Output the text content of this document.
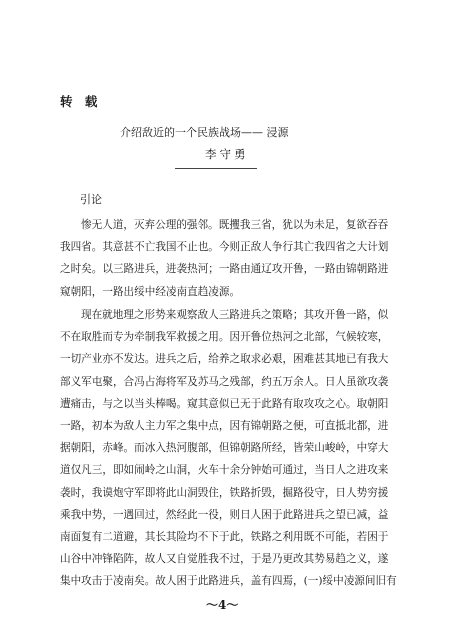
转 载
介绍敌近的一个民族战场—— 浸源
李守勇
引论
惨无人道，灭弃公理的强邻。既攫我三省，犹以为未足，复欲吞吞
我四省。其意甚不亡我国不止也。今则正敌人争行其亡我四省之大计划
之时矣。以三路进兵，进袭热河；一路由通辽攻开鲁，一路由锦朝路进
窥朝阳，一路出绥中经凌南直趋凌源。
现在就地理之形势来观察敌人三路进兵之策略；其攻开鲁一路，似
不在取胜而专为牵制我军救援之用。因开鲁位热河之北部，气候较寒，
一切产业亦不发达。进兵之后，给养之取求必艰，困难甚其地已有我大
部义军屯聚，合冯占海将军及苏马之残部，约五万余人。日人虽欲攻袭
遭痛击，与之以当头棒喝。窥其意似已无于此路有取攻攻之心。取朝阳
一路，初本为敌人主力军之集中点，因有锦朝路之便，可直抵北都，进
据朝阳，赤峰。而冰入热河腹部，但锦朝路所经，皆荣山峻岭，中穿大
道仅凡三，即如闹岭之山洞，火车十余分钟始可通过，当日人之进攻来
袭时，我谟炮守军即将此山洞毁住，铁路折毁，掘路役守，日人势穷援
乘我中势，一遇回过，然经此一役，则日人困于此路进兵之望已减，益
南面复有二道避，其长其险均不下于此，铁路之利用既不可能，若困于
山谷中冲锋陷阵，故人又自觉胜我不过，于是乃更改其势易趋之义，遂
集中攻击于凌南矣。故人困于此路进兵，盖有四焉，(一)绥中凌源间旧有
～4～
